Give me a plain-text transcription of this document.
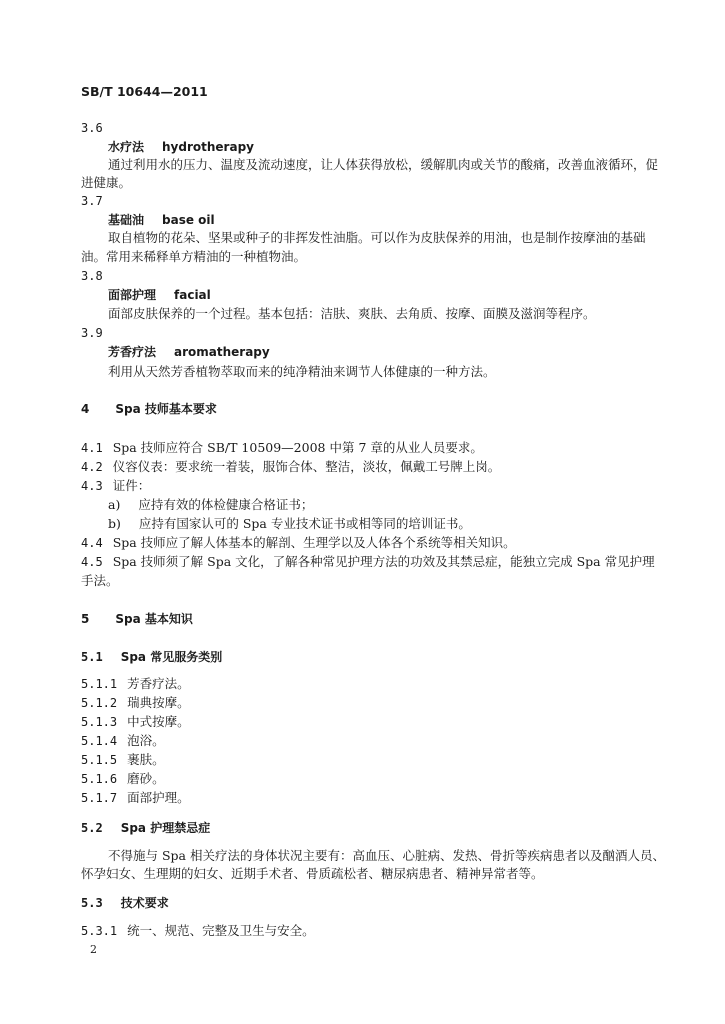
SB/T 10644—2011
3.6
水疗法 hydrotherapy
通过利用水的压力、温度及流动速度，让人体获得放松，缓解肌肉或关节的酸痛，改善血液循环，促
进健康。
3.7
基础油 base oil
取自植物的花朵、坚果或种子的非挥发性油脂。可以作为皮肤保养的用油，也是制作按摩油的基础
油。常用来稀释单方精油的一种植物油。
3.8
面部护理 facial
面部皮肤保养的一个过程。基本包括：洁肤、爽肤、去角质、按摩、面膜及滋润等程序。
3.9
芳香疗法 aromatherapy
利用从天然芳香植物萃取而来的纯净精油来调节人体健康的一种方法。
4 Spa 技师基本要求
4.1 Spa 技师应符合 SB/T 10509—2008 中第 7 章的从业人员要求。
4.2 仪容仪表：要求统一着装，服饰合体、整洁，淡妆，佩戴工号牌上岗。
4.3 证件：
a) 应持有效的体检健康合格证书；
b) 应持有国家认可的 Spa 专业技术证书或相等同的培训证书。
4.4 Spa 技师应了解人体基本的解剖、生理学以及人体各个系统等相关知识。
4.5 Spa 技师须了解 Spa 文化，了解各种常见护理方法的功效及其禁忌症，能独立完成 Spa 常见护理
手法。
5 Spa 基本知识
5.1 Spa 常见服务类别
5.1.1 芳香疗法。
5.1.2 瑞典按摩。
5.1.3 中式按摩。
5.1.4 泡浴。
5.1.5 裹肤。
5.1.6 磨砂。
5.1.7 面部护理。
5.2 Spa 护理禁忌症
不得施与 Spa 相关疗法的身体状况主要有：高血压、心脏病、发热、骨折等疾病患者以及酗酒人员、
怀孕妇女、生理期的妇女、近期手术者、骨质疏松者、糖尿病患者、精神异常者等。
5.3 技术要求
5.3.1 统一、规范、完整及卫生与安全。
2
